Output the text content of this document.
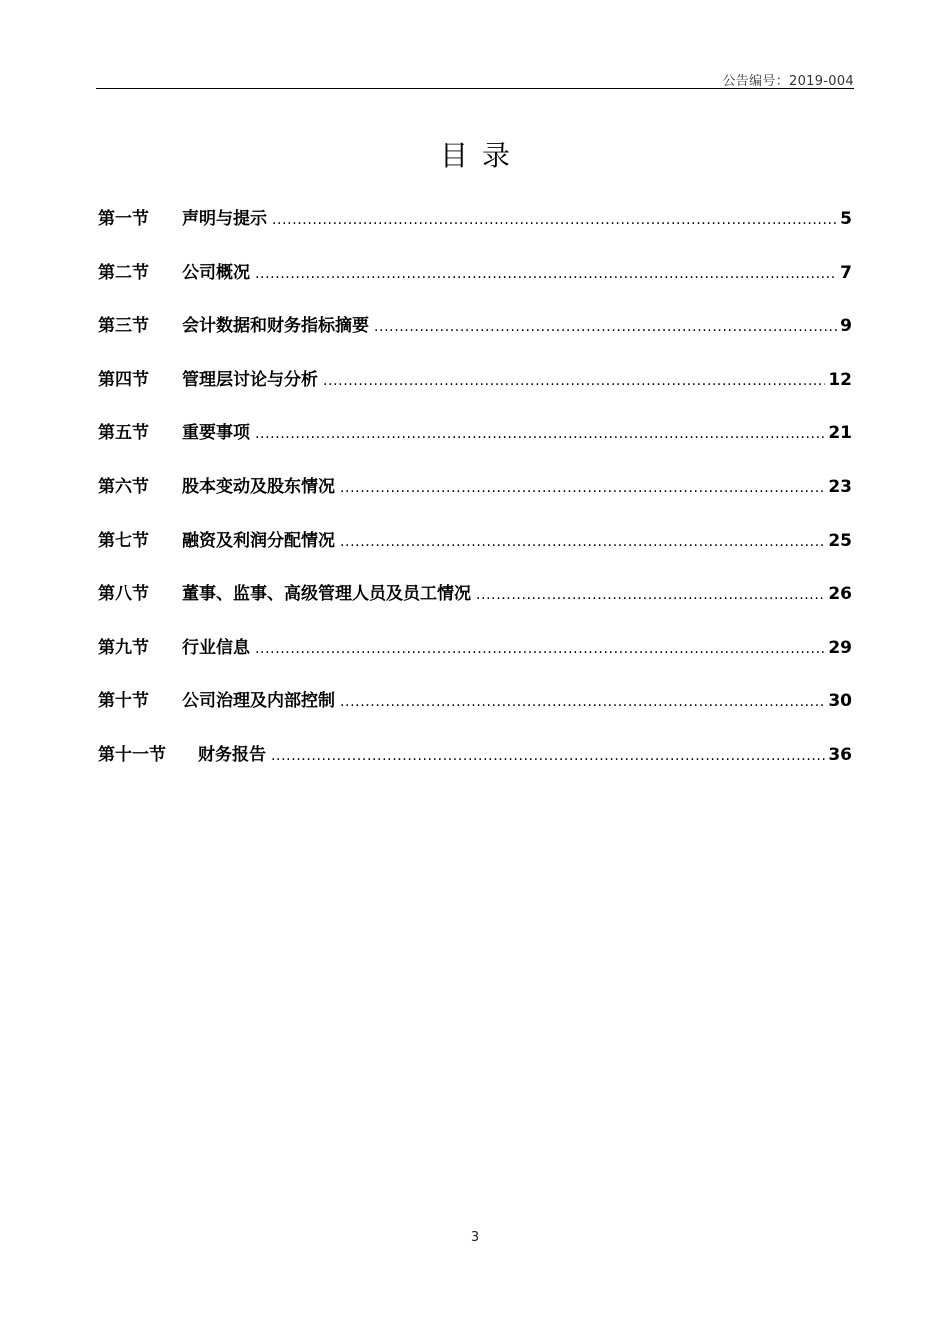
公告编号：2019-004
目录
第一节	声明与提示 .....	5
第二节	公司概况 .....	7
第三节	会计数据和财务指标摘要 .....	9
第四节	管理层讨论与分析 .....	12
第五节	重要事项 .....	21
第六节	股本变动及股东情况 .....	23
第七节	融资及利润分配情况 .....	25
第八节	董事、监事、高级管理人员及员工情况 .....	26
第九节	行业信息 .....	29
第十节	公司治理及内部控制 .....	30
第十一节	财务报告 .....	36
3
